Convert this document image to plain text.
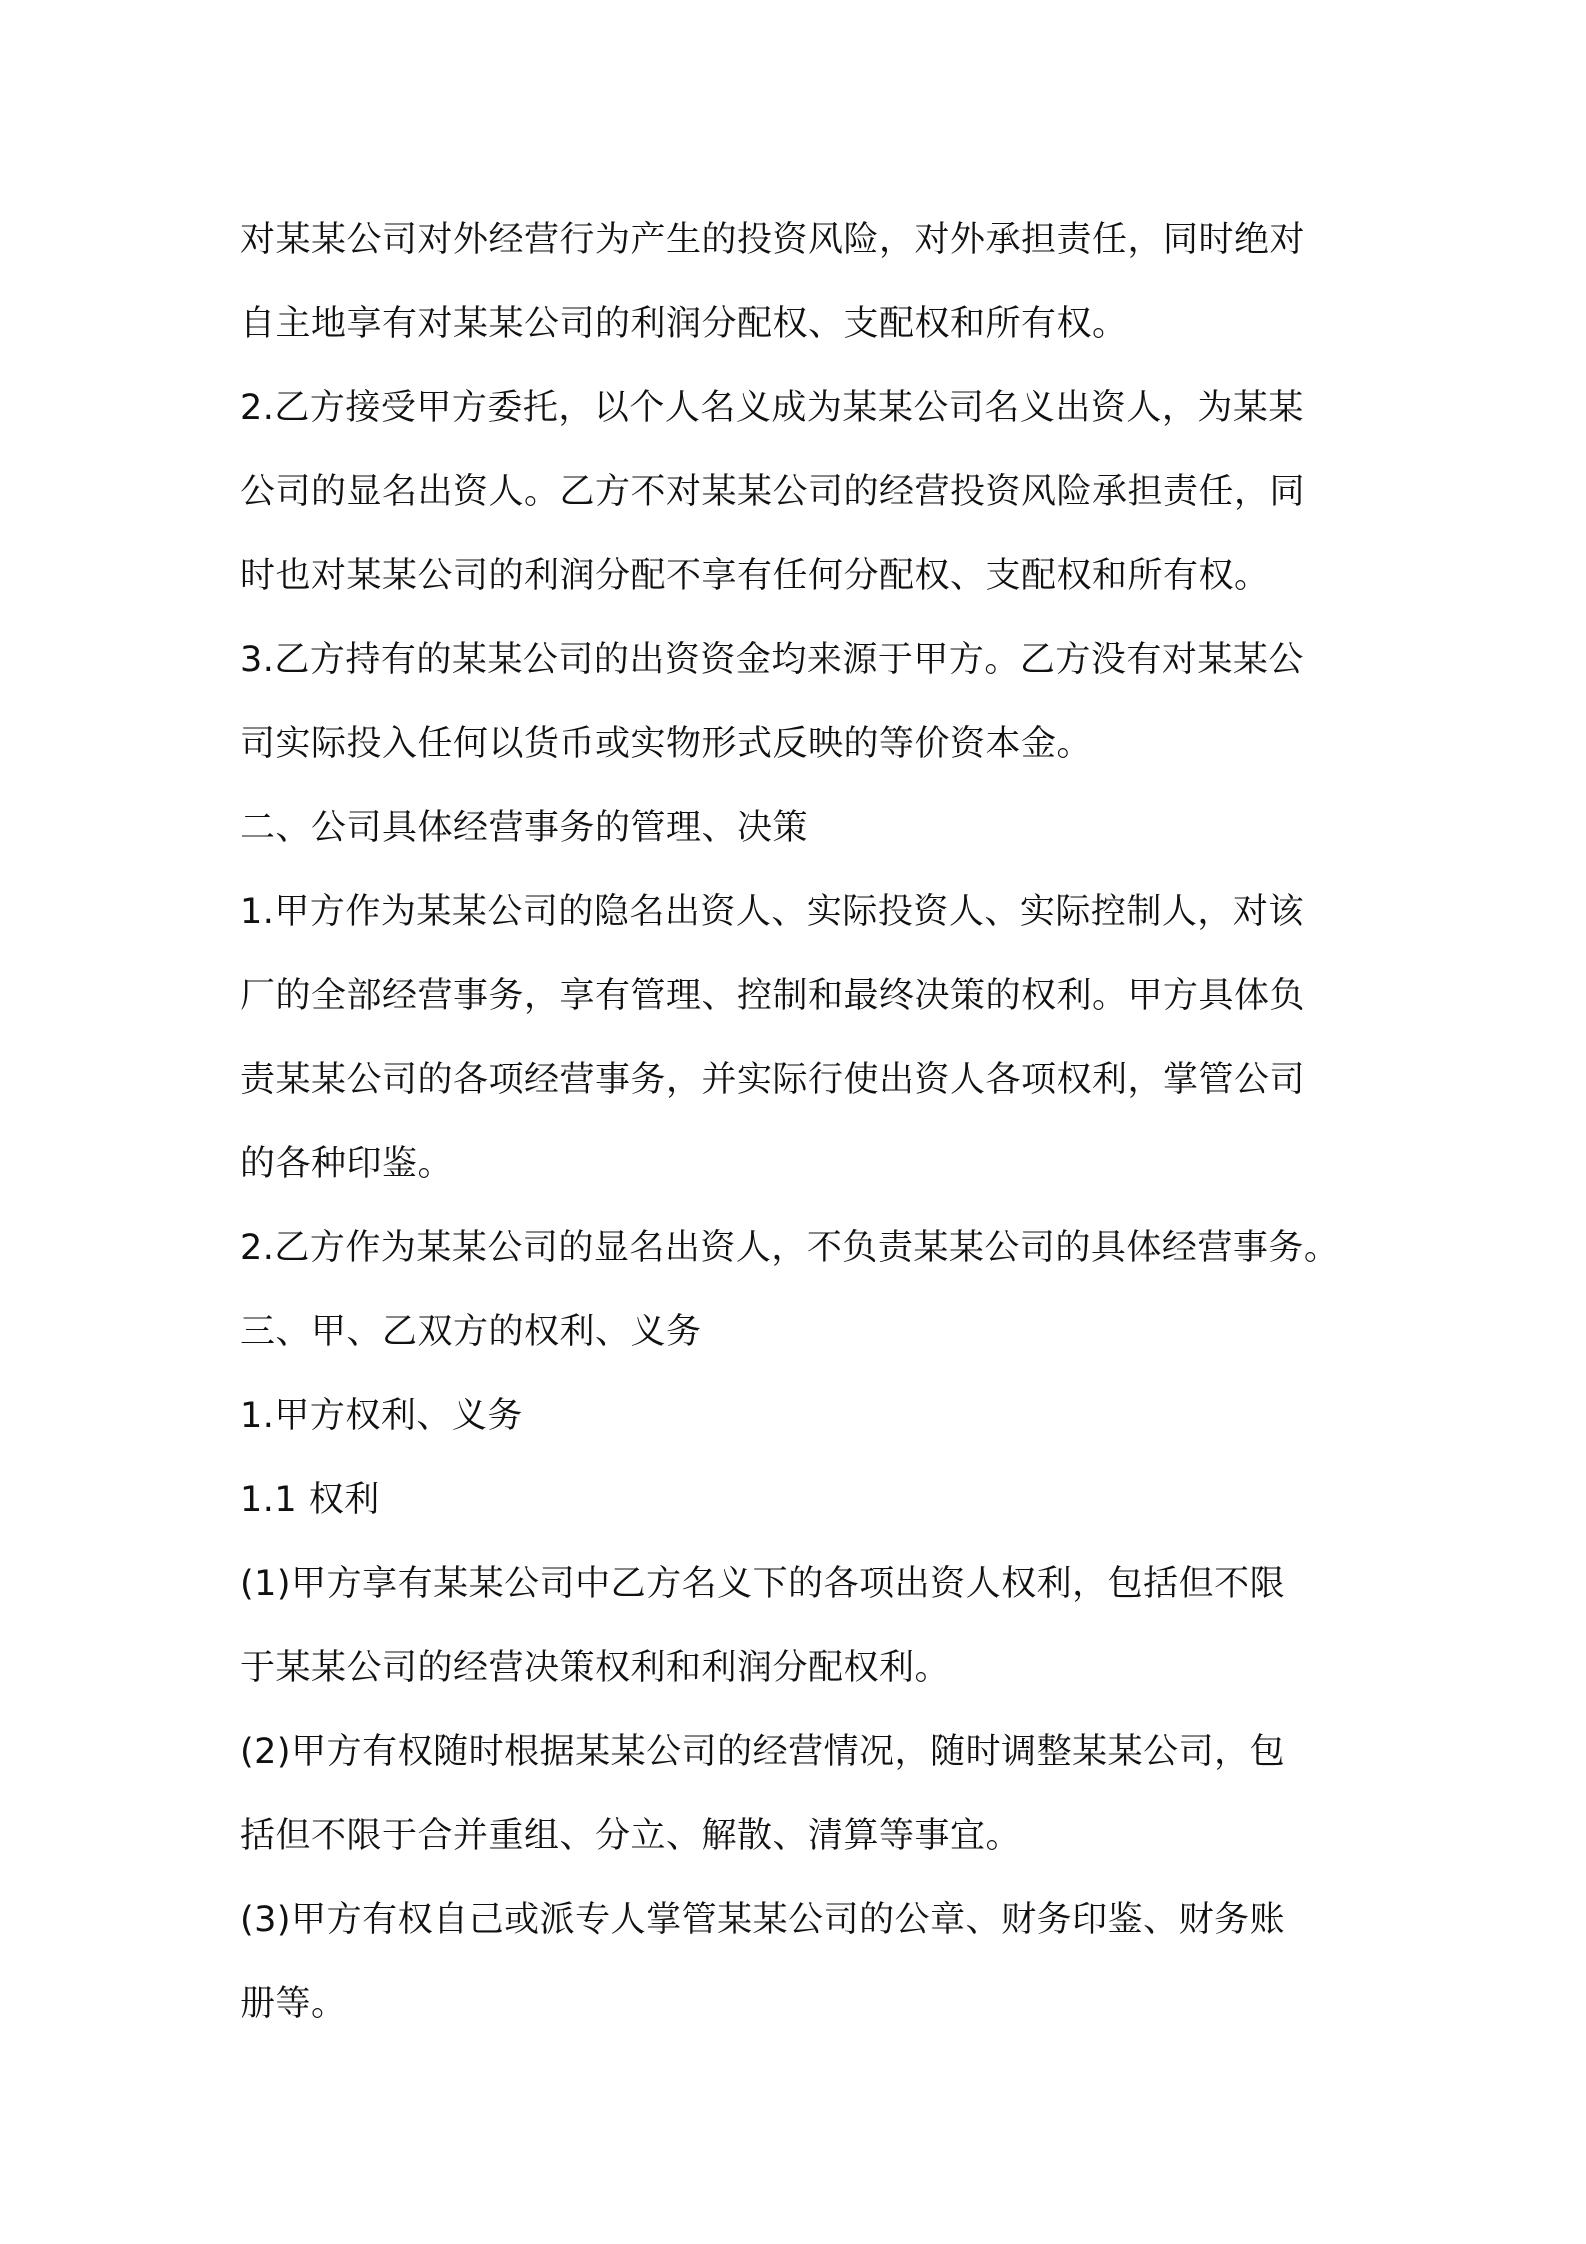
对某某公司对外经营行为产生的投资风险，对外承担责任，同时绝对
自主地享有对某某公司的利润分配权、支配权和所有权。
2.乙方接受甲方委托，以个人名义成为某某公司名义出资人，为某某
公司的显名出资人。乙方不对某某公司的经营投资风险承担责任，同
时也对某某公司的利润分配不享有任何分配权、支配权和所有权。
3.乙方持有的某某公司的出资资金均来源于甲方。乙方没有对某某公
司实际投入任何以货币或实物形式反映的等价资本金。
二、公司具体经营事务的管理、决策
1.甲方作为某某公司的隐名出资人、实际投资人、实际控制人，对该
厂的全部经营事务，享有管理、控制和最终决策的权利。甲方具体负
责某某公司的各项经营事务，并实际行使出资人各项权利，掌管公司
的各种印鉴。
2.乙方作为某某公司的显名出资人，不负责某某公司的具体经营事务。
三、甲、乙双方的权利、义务
1.甲方权利、义务
1.1 权利
(1)甲方享有某某公司中乙方名义下的各项出资人权利，包括但不限
于某某公司的经营决策权利和利润分配权利。
(2)甲方有权随时根据某某公司的经营情况，随时调整某某公司，包
括但不限于合并重组、分立、解散、清算等事宜。
(3)甲方有权自己或派专人掌管某某公司的公章、财务印鉴、财务账
册等。
